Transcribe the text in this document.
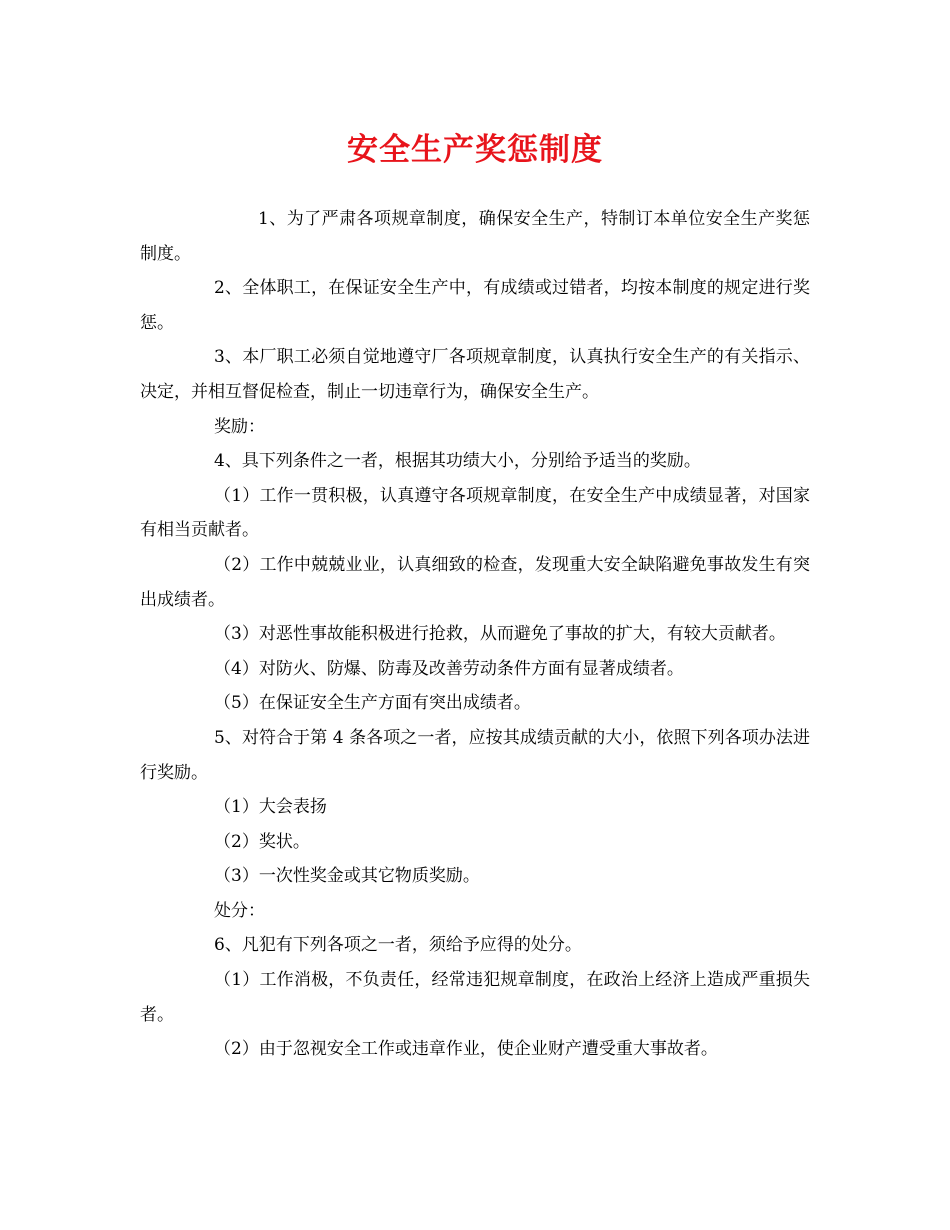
安全生产奖惩制度

1、为了严肃各项规章制度，确保安全生产，特制订本单位安全生产奖惩制度。

2、全体职工，在保证安全生产中，有成绩或过错者，均按本制度的规定进行奖惩。

3、本厂职工必须自觉地遵守厂各项规章制度，认真执行安全生产的有关指示、决定，并相互督促检查，制止一切违章行为，确保安全生产。

奖励：

4、具下列条件之一者，根据其功绩大小，分别给予适当的奖励。

（1）工作一贯积极，认真遵守各项规章制度，在安全生产中成绩显著，对国家有相当贡献者。

（2）工作中兢兢业业，认真细致的检查，发现重大安全缺陷避免事故发生有突出成绩者。

（3）对恶性事故能积极进行抢救，从而避免了事故的扩大，有较大贡献者。

（4）对防火、防爆、防毒及改善劳动条件方面有显著成绩者。

（5）在保证安全生产方面有突出成绩者。

5、对符合于第 4 条各项之一者，应按其成绩贡献的大小，依照下列各项办法进行奖励。

（1）大会表扬

（2）奖状。

（3）一次性奖金或其它物质奖励。

处分：

6、凡犯有下列各项之一者，须给予应得的处分。

（1）工作消极，不负责任，经常违犯规章制度，在政治上经济上造成严重损失者。

（2）由于忽视安全工作或违章作业，使企业财产遭受重大事故者。
